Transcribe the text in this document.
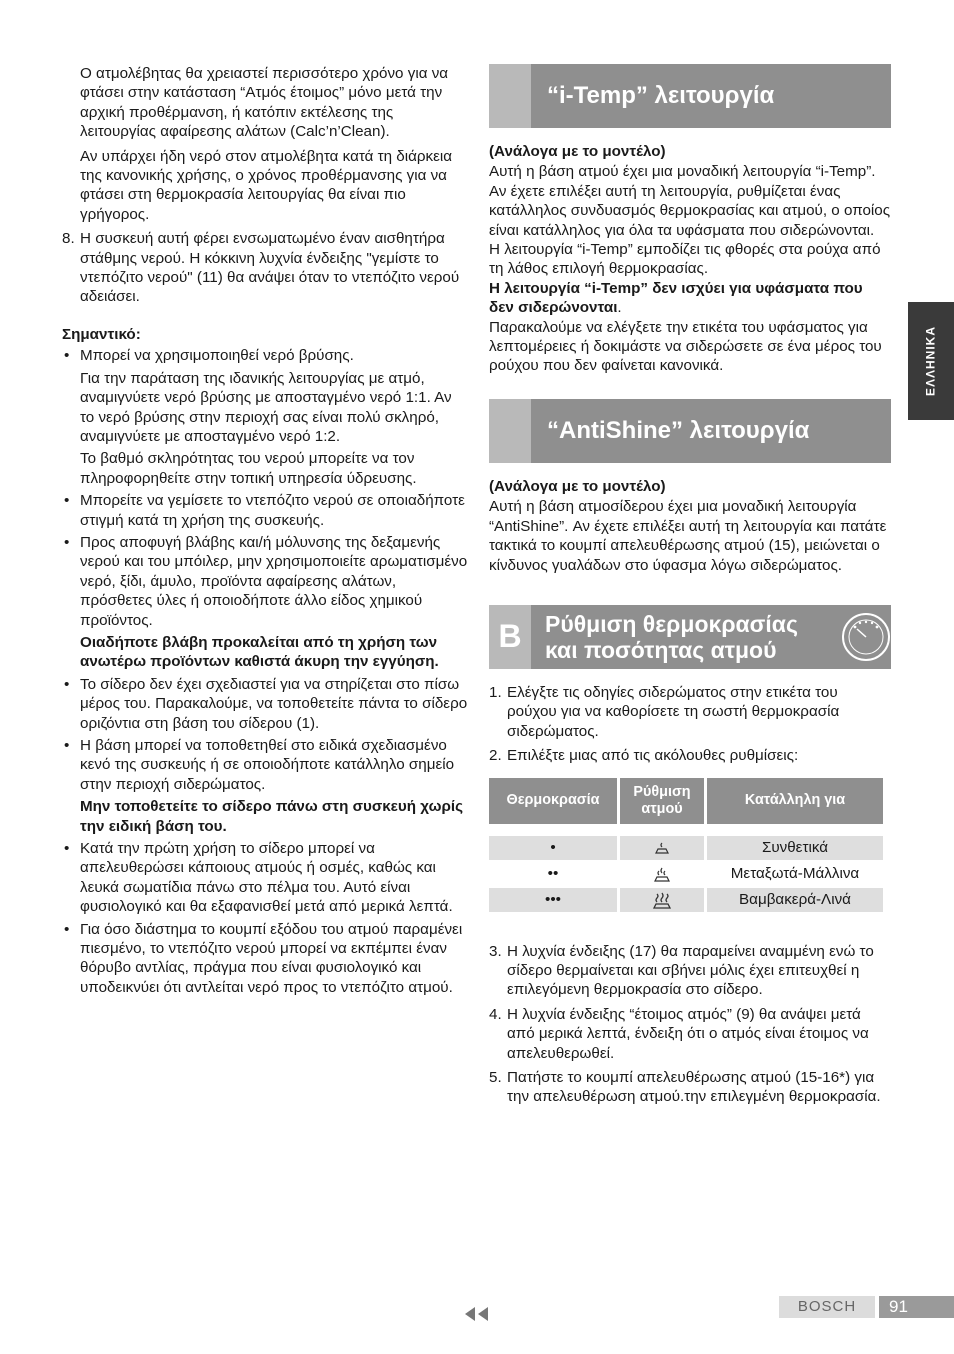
Ο ατμολέβητας θα χρειαστεί περισσότερο χρόνο για να φτάσει στην κατάσταση “Ατμός έτοιμος” μόνο μετά την αρχική προθέρμανση, ή κατόπιν εκτέλεσης της λειτουργίας αφαίρεσης αλάτων (Calc’n’Clean).

Αν υπάρχει ήδη νερό στον ατμολέβητα κατά τη διάρκεια της κανονικής χρήσης, ο χρόνος προθέρμανσης για να φτάσει στη θερμοκρασία λειτουργίας θα είναι πιο γρήγορος.

8. Η συσκευή αυτή φέρει ενσωματωμένο έναν αισθητήρα στάθμης νερού. Η κόκκινη λυχνία ένδειξης "γεμίστε το ντεπόζιτο νερού" (11) θα ανάψει όταν το ντεπόζιτο νερού αδειάσει.

Σημαντικό:

• Μπορεί να χρησιμοποιηθεί νερό βρύσης.

Για την παράταση της ιδανικής λειτουργίας με ατμό, αναμιγνύετε νερό βρύσης με αποσταγμένο νερό 1:1. Αν το νερό βρύσης στην περιοχή σας είναι πολύ σκληρό, αναμιγνύετε με αποσταγμένο νερό 1:2.

Το βαθμό σκληρότητας του νερού μπορείτε να τον πληροφορηθείτε στην τοπική υπηρεσία ύδρευσης.

• Μπορείτε να γεμίσετε το ντεπόζιτο νερού σε οποιαδήποτε στιγμή κατά τη χρήση της συσκευής.

• Προς αποφυγή βλάβης και/ή μόλυνσης της δεξαμενής νερού και του μπόιλερ, μην χρησιμοποιείτε αρωματισμένο νερό, ξίδι, άμυλο, προϊόντα αφαίρεσης αλάτων, πρόσθετες ύλες ή οποιοδήποτε άλλο είδος χημικού προϊόντος.

Οιαδήποτε βλάβη προκαλείται από τη χρήση των ανωτέρω προϊόντων καθιστά άκυρη την εγγύηση.

• Το σίδερο δεν έχει σχεδιαστεί για να στηρίζεται στο πίσω μέρος του. Παρακαλούμε, να τοποθετείτε πάντα το σίδερο οριζόντια στη βάση του σίδερου (1).

• Η βάση μπορεί να τοποθετηθεί στο ειδικά σχεδιασμένο κενό της συσκευής ή σε οποιοδήποτε κατάλληλο σημείο στην περιοχή σιδερώματος.

Μην τοποθετείτε το σίδερο πάνω στη συσκευή χωρίς την ειδική βάση του.

• Κατά την πρώτη χρήση το σίδερο μπορεί να απελευθερώσει κάποιους ατμούς ή οσμές, καθώς και λευκά σωματίδια πάνω στο πέλμα του. Αυτό είναι φυσιολογικό και θα εξαφανισθεί μετά από μερικά λεπτά.

• Για όσο διάστημα το κουμπί εξόδου του ατμού παραμένει πιεσμένο, το ντεπόζιτο νερού μπορεί να εκπέμπει έναν θόρυβο αντλίας, πράγμα που είναι φυσιολογικό και υποδεικνύει ότι αντλείται νερό προς το ντεπόζιτο ατμού.

“i-Temp” λειτουργία

(Ανάλογα με το μοντέλο)

Αυτή η βάση ατμού έχει μια μοναδική λειτουργία “i-Temp”. Αν έχετε επιλέξει αυτή τη λειτουργία, ρυθμίζεται ένας κατάλληλος συνδυασμός θερμοκρασίας και ατμού, ο οποίος είναι κατάλληλος για όλα τα υφάσματα που σιδερώνονται.

Η λειτουργία “i-Temp” εμποδίζει τις φθορές στα ρούχα από τη λάθος επιλογή θερμοκρασίας.

Η λειτουργία “i-Temp” δεν ισχύει για υφάσματα που δεν σιδερώνονται.

Παρακαλούμε να ελέγξετε την ετικέτα του υφάσματος για λεπτομέρειες ή δοκιμάστε να σιδερώσετε σε ένα μέρος του ρούχου που δεν φαίνεται κανονικά.

“AntiShine” λειτουργία

(Ανάλογα με το μοντέλο)

Αυτή η βάση ατμοσίδερου έχει μια μοναδική λειτουργία “AntiShine”. Αν έχετε επιλέξει αυτή τη λειτουργία και πατάτε τακτικά το κουμπί απελευθέρωσης ατμού (15), μειώνεται ο κίνδυνος γυαλάδων στο ύφασμα λόγω σιδερώματος.

B	Ρύθμιση θερμοκρασίας
και ποσότητας ατμού
1. Ελέγξτε τις οδηγίες σιδερώματος στην ετικέτα του ρούχου για να καθορίσετε τη σωστή θερμοκρασία σιδερώματος.

2. Επιλέξτε μιας από τις ακόλουθες ρυθμίσεις:

Θερμοκρασία	Ρύθμιση ατμού	Κατάλληλη για

•		Συνθετικά
••		Μεταξωτά-Μάλλινα
•••		Βαμβακερά-Λινά
3. Η λυχνία ένδειξης (17) θα παραμείνει αναμμένη ενώ το σίδερο θερμαίνεται και σβήνει μόλις έχει επιτευχθεί η επιλεγόμενη θερμοκρασία στο σίδερο.

4. Η λυχνία ένδειξης “έτοιμος ατμός” (9) θα ανάψει μετά από μερικά λεπτά, ένδειξη ότι ο ατμός είναι έτοιμος να απελευθερωθεί.

5. Πατήστε το κουμπί απελευθέρωσης ατμού (15-16*) για την απελευθέρωση ατμού.την επιλεγμένη θερμοκρασία.

ΕΛΛΗΝΙΚΑ
BOSCH	91
